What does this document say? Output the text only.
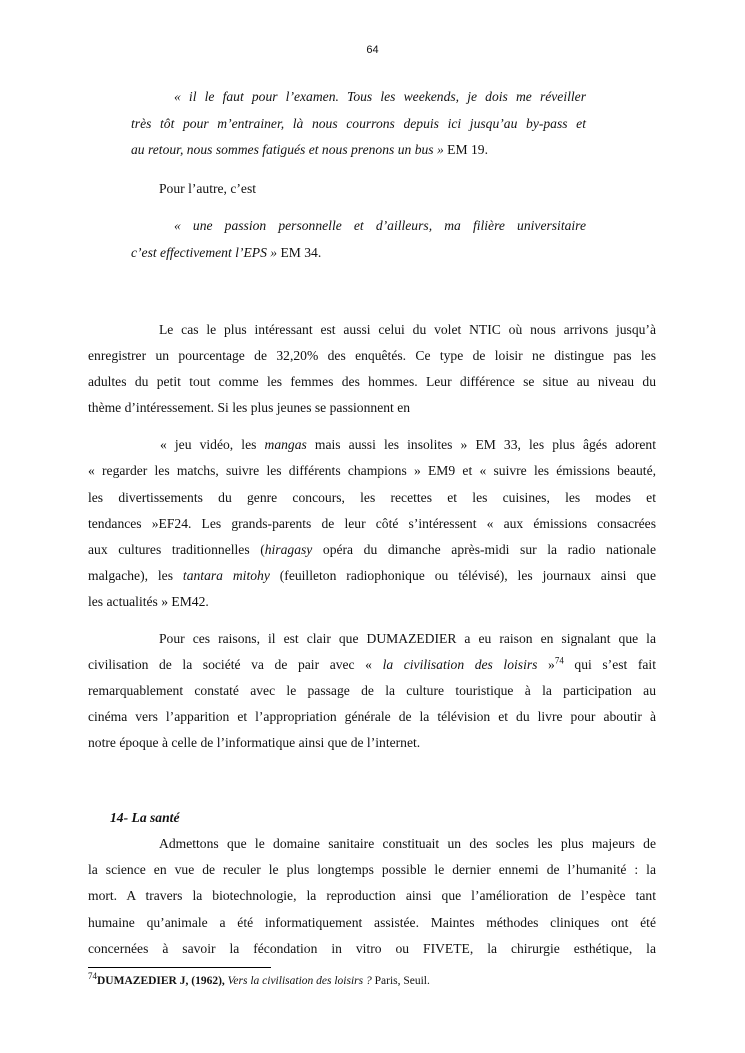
64
« il le faut pour l’examen. Tous les weekends, je dois me réveiller
très tôt pour m’entrainer, là nous courrons depuis ici jusqu’au by-pass et
au retour, nous sommes fatigués et nous prenons un bus » EM 19.
Pour l’autre, c’est
« une passion personnelle et d’ailleurs, ma filière universitaire
c’est effectivement l’EPS » EM 34.
Le cas le plus intéressant est aussi celui du volet NTIC où nous arrivons jusqu’à
enregistrer un pourcentage de 32,20% des enquêtés. Ce type de loisir ne distingue pas les
adultes du petit tout comme les femmes des hommes. Leur différence se situe au niveau du
thème d’intéressement. Si les plus jeunes se passionnent en
« jeu vidéo, les mangas mais aussi les insolites » EM 33, les plus âgés adorent
« regarder les matchs, suivre les différents champions » EM9 et « suivre les émissions beauté,
les divertissements du genre concours, les recettes et les cuisines, les modes et
tendances »EF24. Les grands-parents de leur côté s’intéressent « aux émissions consacrées
aux cultures traditionnelles (hiragasy opéra du dimanche après-midi sur la radio nationale
malgache), les tantara mitohy (feuilleton radiophonique ou télévisé), les journaux ainsi que
les actualités » EM42.
Pour ces raisons, il est clair que DUMAZEDIER a eu raison en signalant que la
civilisation de la société va de pair avec « la civilisation des loisirs »$^{74}$ qui s’est fait
remarquablement constaté avec le passage de la culture touristique à la participation au
cinéma vers l’apparition et l’appropriation générale de la télévision et du livre pour aboutir à
notre époque à celle de l’informatique ainsi que de l’internet.
14- La santé
Admettons que le domaine sanitaire constituait un des socles les plus majeurs de
la science en vue de reculer le plus longtemps possible le dernier ennemi de l’humanité : la
mort. A travers la biotechnologie, la reproduction ainsi que l’amélioration de l’espèce tant
humaine qu’animale a été informatiquement assistée. Maintes méthodes cliniques ont été
concernées à savoir la fécondation in vitro ou FIVETE, la chirurgie esthétique, la
$^{74}$DUMAZEDIER J, (1962), Vers la civilisation des loisirs ? Paris, Seuil.
